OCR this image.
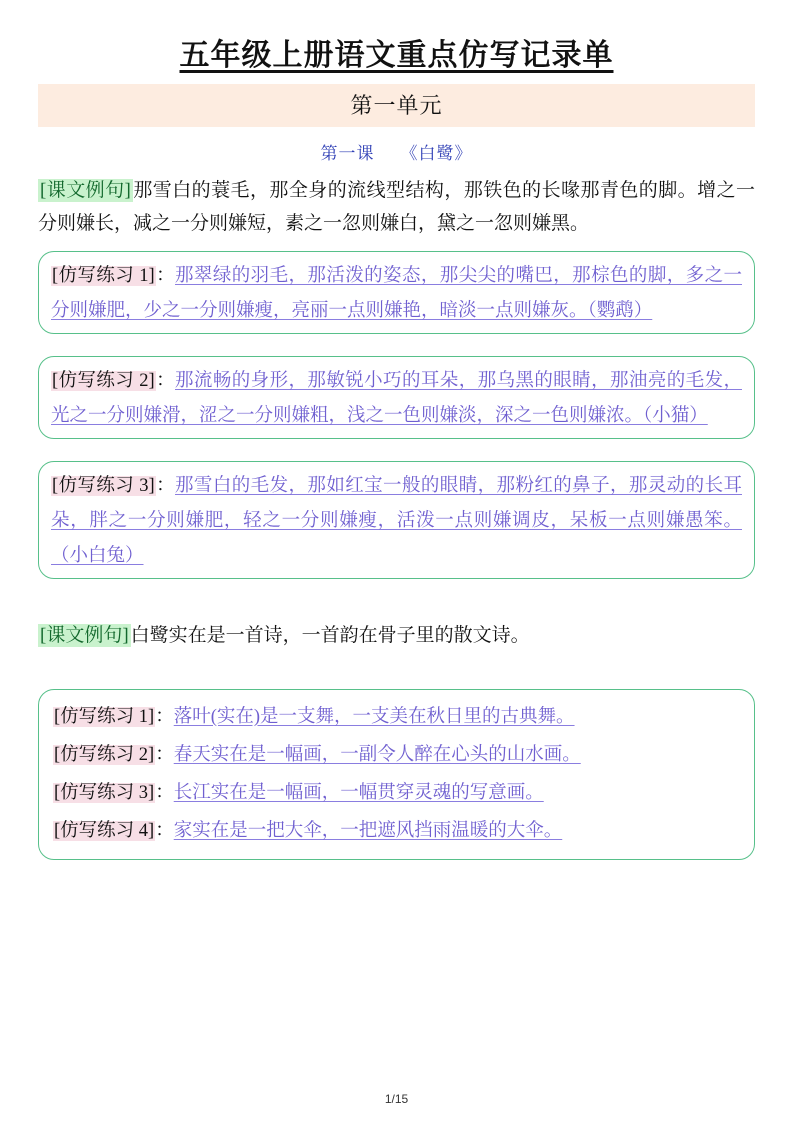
五年级上册语文重点仿写记录单
第一单元
第一课 《白鹭》
[课文例句] 那雪白的蓑毛，那全身的流线型结构，那铁色的长喙那青色的脚。增之一分则嫌长，减之一分则嫌短，素之一忽则嫌白，黛之一忽则嫌黑。
[仿写练习 1]：那翠绿的羽毛，那活泼的姿态，那尖尖的嘴巴，那棕色的脚，多之一分则嫌肥，少之一分则嫌瘦，亮丽一点则嫌艳，暗淡一点则嫌灰。（鹦鹉）
[仿写练习 2]：那流畅的身形，那敏锐小巧的耳朵，那乌黑的眼睛，那油亮的毛发，光之一分则嫌滑，涩之一分则嫌粗，浅之一色则嫌淡，深之一色则嫌浓。（小猫）
[仿写练习 3]：那雪白的毛发，那如红宝一般的眼睛，那粉红的鼻子，那灵动的长耳朵，胖之一分则嫌肥，轻之一分则嫌瘦，活泼一点则嫌调皮，呆板一点则嫌愚笨。（小白兔）
[课文例句] 白鹭实在是一首诗，一首韵在骨子里的散文诗。
[仿写练习 1]：落叶(实在)是一支舞，一支美在秋日里的古典舞。
[仿写练习 2]：春天实在是一幅画，一副令人醉在心头的山水画。
[仿写练习 3]：长江实在是一幅画，一幅贯穿灵魂的写意画。
[仿写练习 4]：家实在是一把大伞，一把遮风挡雨温暖的大伞。
1/15
